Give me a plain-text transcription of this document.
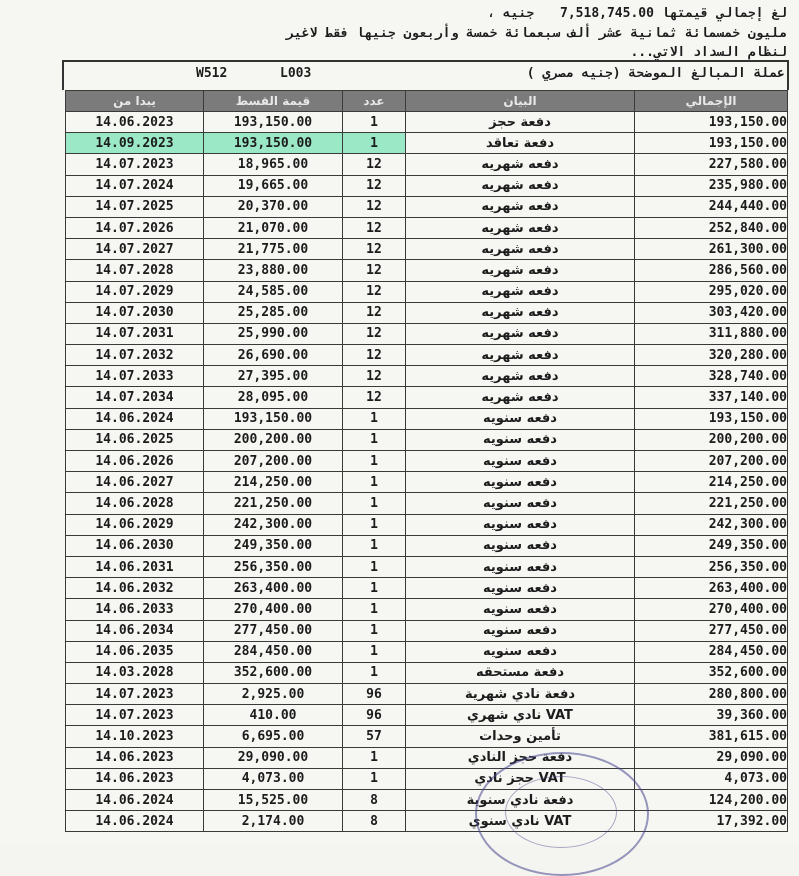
لغ إجمالي قيمتها 7,518,745.00 جنيه ،
مليون خمسمائة ثمانية عشر ألف سبعمائة خمسة وأربعون جنيها فقط لاغير
لنظام السداد الاتي...
W512	L003	عملة المبالغ الموضحة (جنيه مصري )
يبدا من	قيمة القسط	عدد	البيان	الإجمالي
14.06.2023	193,150.00	1	دفعة حجز	193,150.00
14.09.2023	193,150.00	1	دفعة تعاقد	193,150.00
14.07.2023	18,965.00	12	دفعه شهريه	227,580.00
14.07.2024	19,665.00	12	دفعه شهريه	235,980.00
14.07.2025	20,370.00	12	دفعه شهريه	244,440.00
14.07.2026	21,070.00	12	دفعه شهريه	252,840.00
14.07.2027	21,775.00	12	دفعه شهريه	261,300.00
14.07.2028	23,880.00	12	دفعه شهريه	286,560.00
14.07.2029	24,585.00	12	دفعه شهريه	295,020.00
14.07.2030	25,285.00	12	دفعه شهريه	303,420.00
14.07.2031	25,990.00	12	دفعه شهريه	311,880.00
14.07.2032	26,690.00	12	دفعه شهريه	320,280.00
14.07.2033	27,395.00	12	دفعه شهريه	328,740.00
14.07.2034	28,095.00	12	دفعه شهريه	337,140.00
14.06.2024	193,150.00	1	دفعه سنويه	193,150.00
14.06.2025	200,200.00	1	دفعه سنويه	200,200.00
14.06.2026	207,200.00	1	دفعه سنويه	207,200.00
14.06.2027	214,250.00	1	دفعه سنويه	214,250.00
14.06.2028	221,250.00	1	دفعه سنويه	221,250.00
14.06.2029	242,300.00	1	دفعه سنويه	242,300.00
14.06.2030	249,350.00	1	دفعه سنويه	249,350.00
14.06.2031	256,350.00	1	دفعه سنويه	256,350.00
14.06.2032	263,400.00	1	دفعه سنويه	263,400.00
14.06.2033	270,400.00	1	دفعه سنويه	270,400.00
14.06.2034	277,450.00	1	دفعه سنويه	277,450.00
14.06.2035	284,450.00	1	دفعه سنويه	284,450.00
14.03.2028	352,600.00	1	دفعة مستحقه	352,600.00
14.07.2023	2,925.00	96	دفعة نادي شهرية	280,800.00
14.07.2023	410.00	96	VAT نادي شهري	39,360.00
14.10.2023	6,695.00	57	تأمين وحدات	381,615.00
14.06.2023	29,090.00	1	دفعة حجز النادي	29,090.00
14.06.2023	4,073.00	1	VAT حجز نادي	4,073.00
14.06.2024	15,525.00	8	دفعة نادي سنوية	124,200.00
14.06.2024	2,174.00	8	VAT نادي سنوي	17,392.00
